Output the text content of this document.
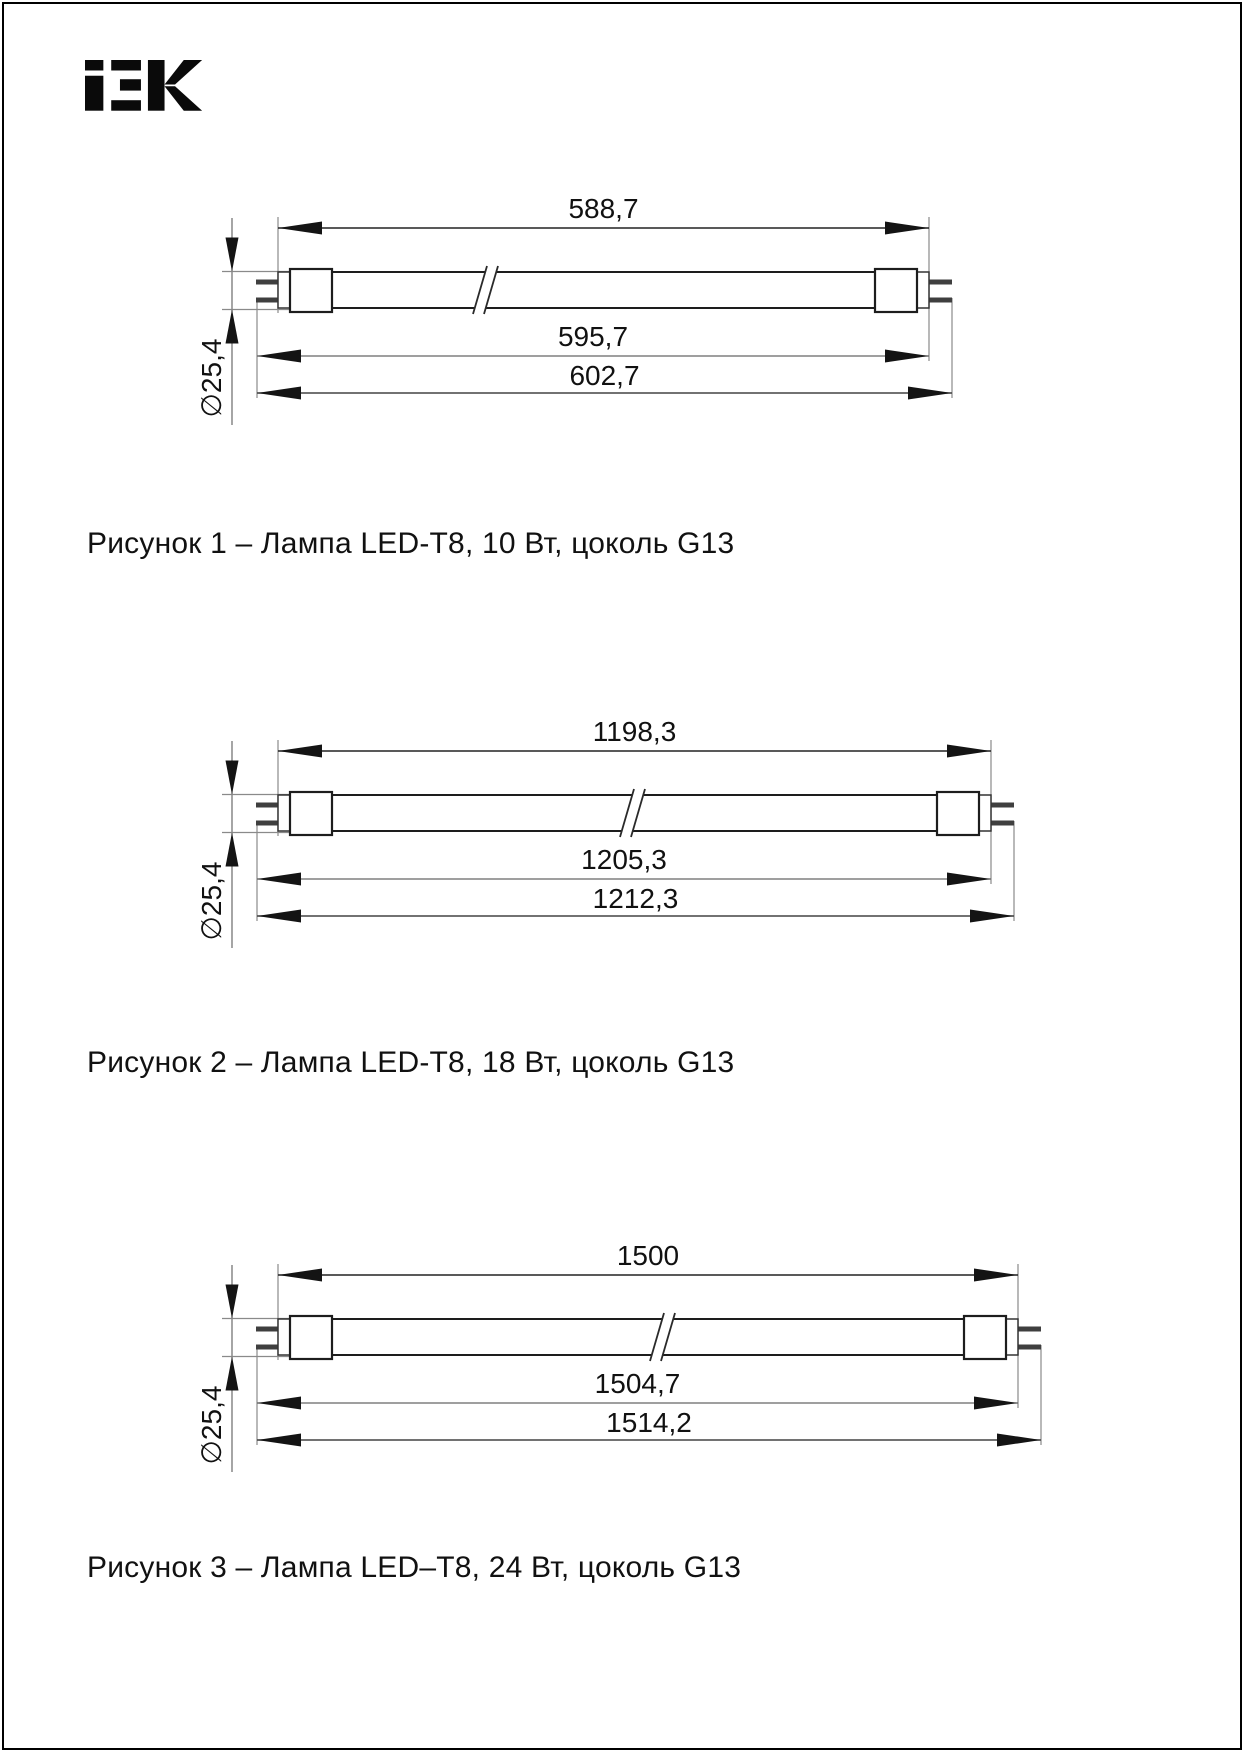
588,7
595,7
602,7
∅25,4
Рисунок 1 – Лампа LED-T8, 10 Вт, цоколь G13
1198,3
1205,3
1212,3
∅25,4
Рисунок 2 – Лампа LED-T8, 18 Вт, цоколь G13
1500
1504,7
1514,2
∅25,4
Рисунок 3 – Лампа LED–T8, 24 Вт, цоколь G13
